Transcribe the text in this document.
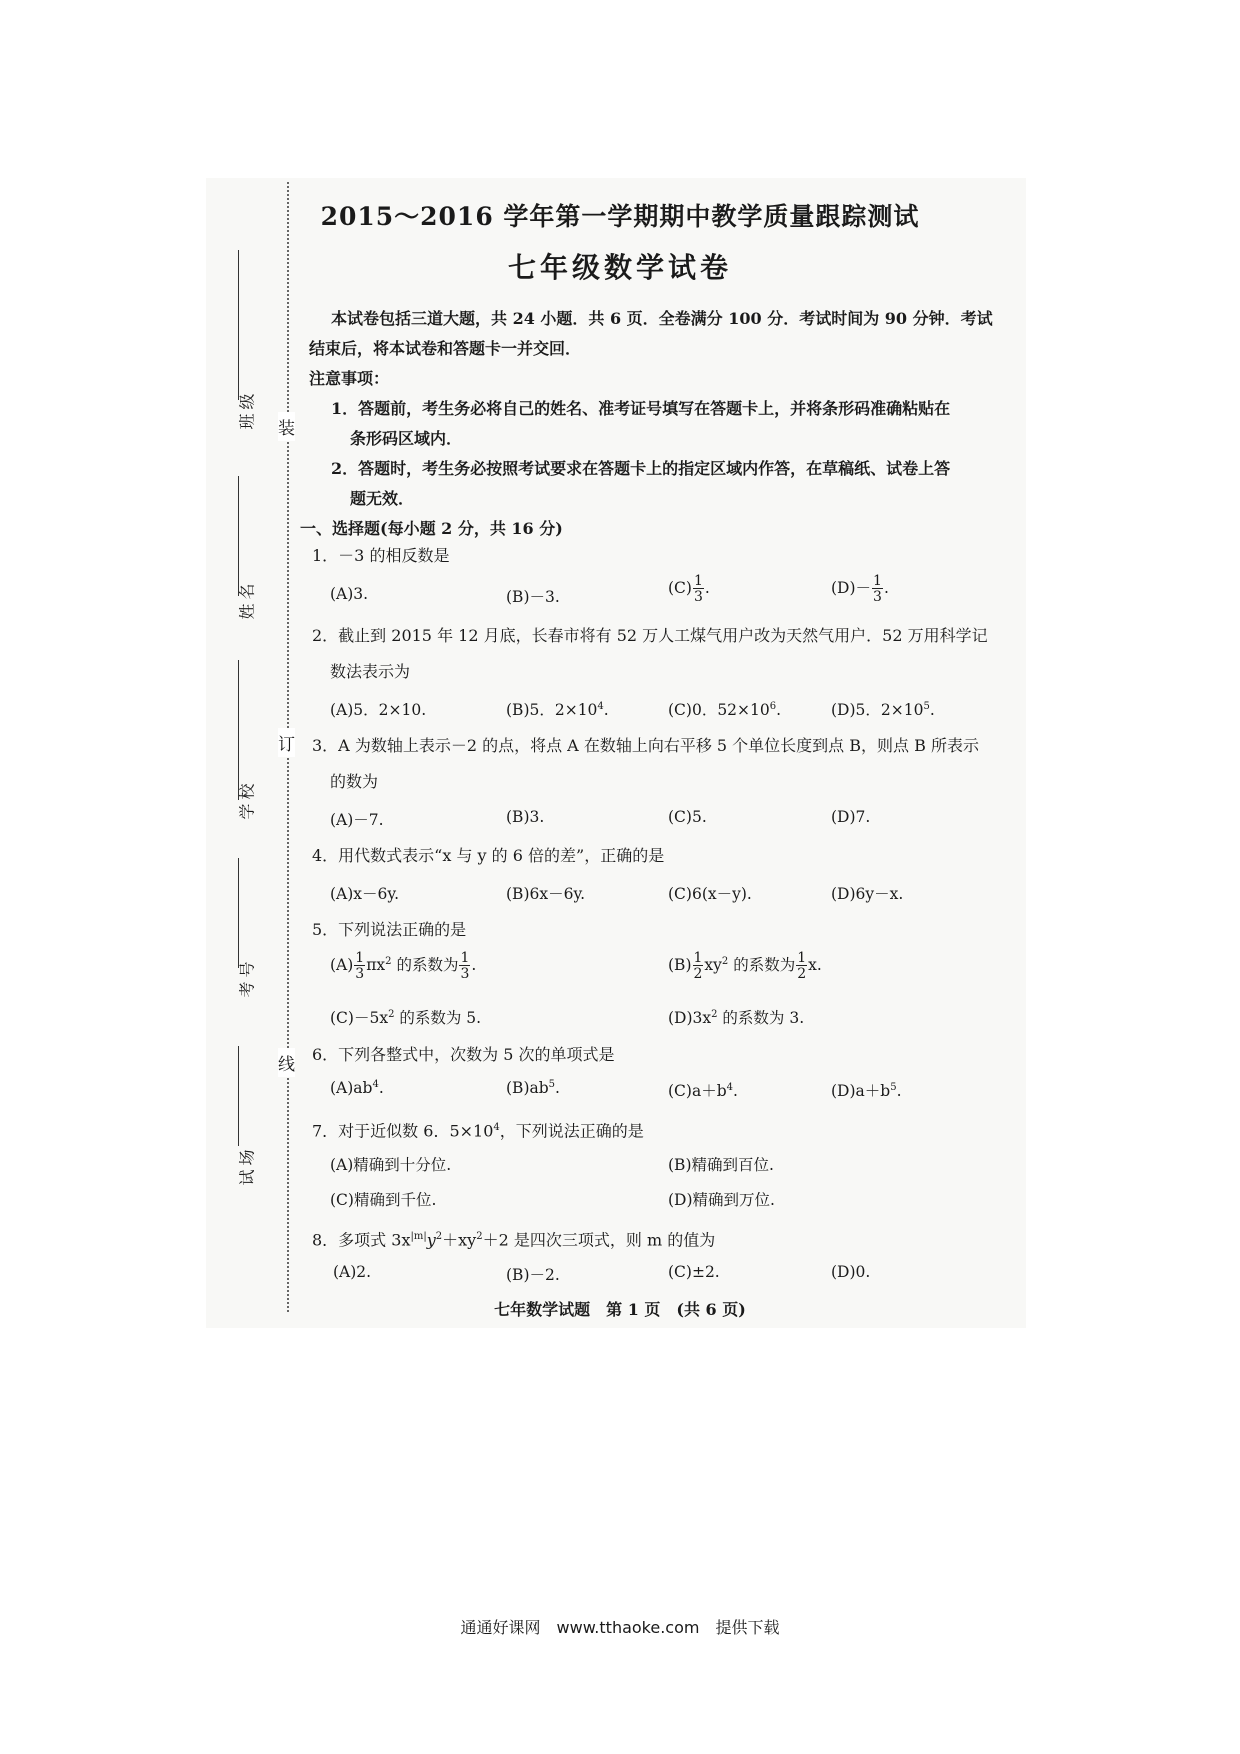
装
订
线
班级
姓名
学校
考号
试场
2015～2016 学年第一学期期中教学质量跟踪测试
七年级数学试卷
本试卷包括三道大题，共 24 小题．共 6 页．全卷满分 100 分．考试时间为 90 分钟．考试
结束后，将本试卷和答题卡一并交回．
注意事项：
1．答题前，考生务必将自己的姓名、准考证号填写在答题卡上，并将条形码准确粘贴在
条形码区域内．
2．答题时，考生务必按照考试要求在答题卡上的指定区域内作答，在草稿纸、试卷上答
题无效．
一、选择题(每小题 2 分，共 16 分)
1．－3 的相反数是
(A)3.	(B)－3.	$(C) \frac{1}{3}$ .	$(D)- \frac{1}{3}$ .
2．截止到 2015 年 12 月底，长春市将有 52 万人工煤气用户改为天然气用户．52 万用科学记
数法表示为
(A)5．2×10.	(B)5．$2\times 10^4$.	(C)0．$52\times 10^6$.	(D)5．$2\times 10^5$.
3．A 为数轴上表示－2 的点，将点 A 在数轴上向右平移 5 个单位长度到点 B，则点 B 所表示
的数为
(A)－7.	(B)3.	(C)5.	(D)7.
4．用代数式表示“x 与 y 的 6 倍的差”，正确的是
(A)x－6y.	(B)6x－6y.	(C)6(x－y).	(D)6y－x.
5．下列说法正确的是
$(A) \frac{1}{3} \pi x^2$ 的系数为 $\frac{1}{3}$ .	$(B) \frac{1}{2} xy^2$ 的系数为 $\frac{1}{2} x$.
$(C)-5x^2$ 的系数为 5.	$(D)3x^2$ 的系数为 3.
6．下列各整式中，次数为 5 次的单项式是
$(A)ab^4$.	$(B)ab^5$.	$(C)a+b^4$.	$(D)a+b^5$.
7．对于近似数 6．$5\times 10^4$，下列说法正确的是
(A)精确到十分位.	(B)精确到百位.
(C)精确到千位.	(D)精确到万位.
8．多项式 $3x^{|m|}y^2+xy^2+2$ 是四次三项式，则 m 的值为
(A)2.	(B)－2.	(C)±2.	(D)0.
七年数学试题　第 1 页　(共 6 页)
通通好课网　www.tthaoke.com　提供下载
